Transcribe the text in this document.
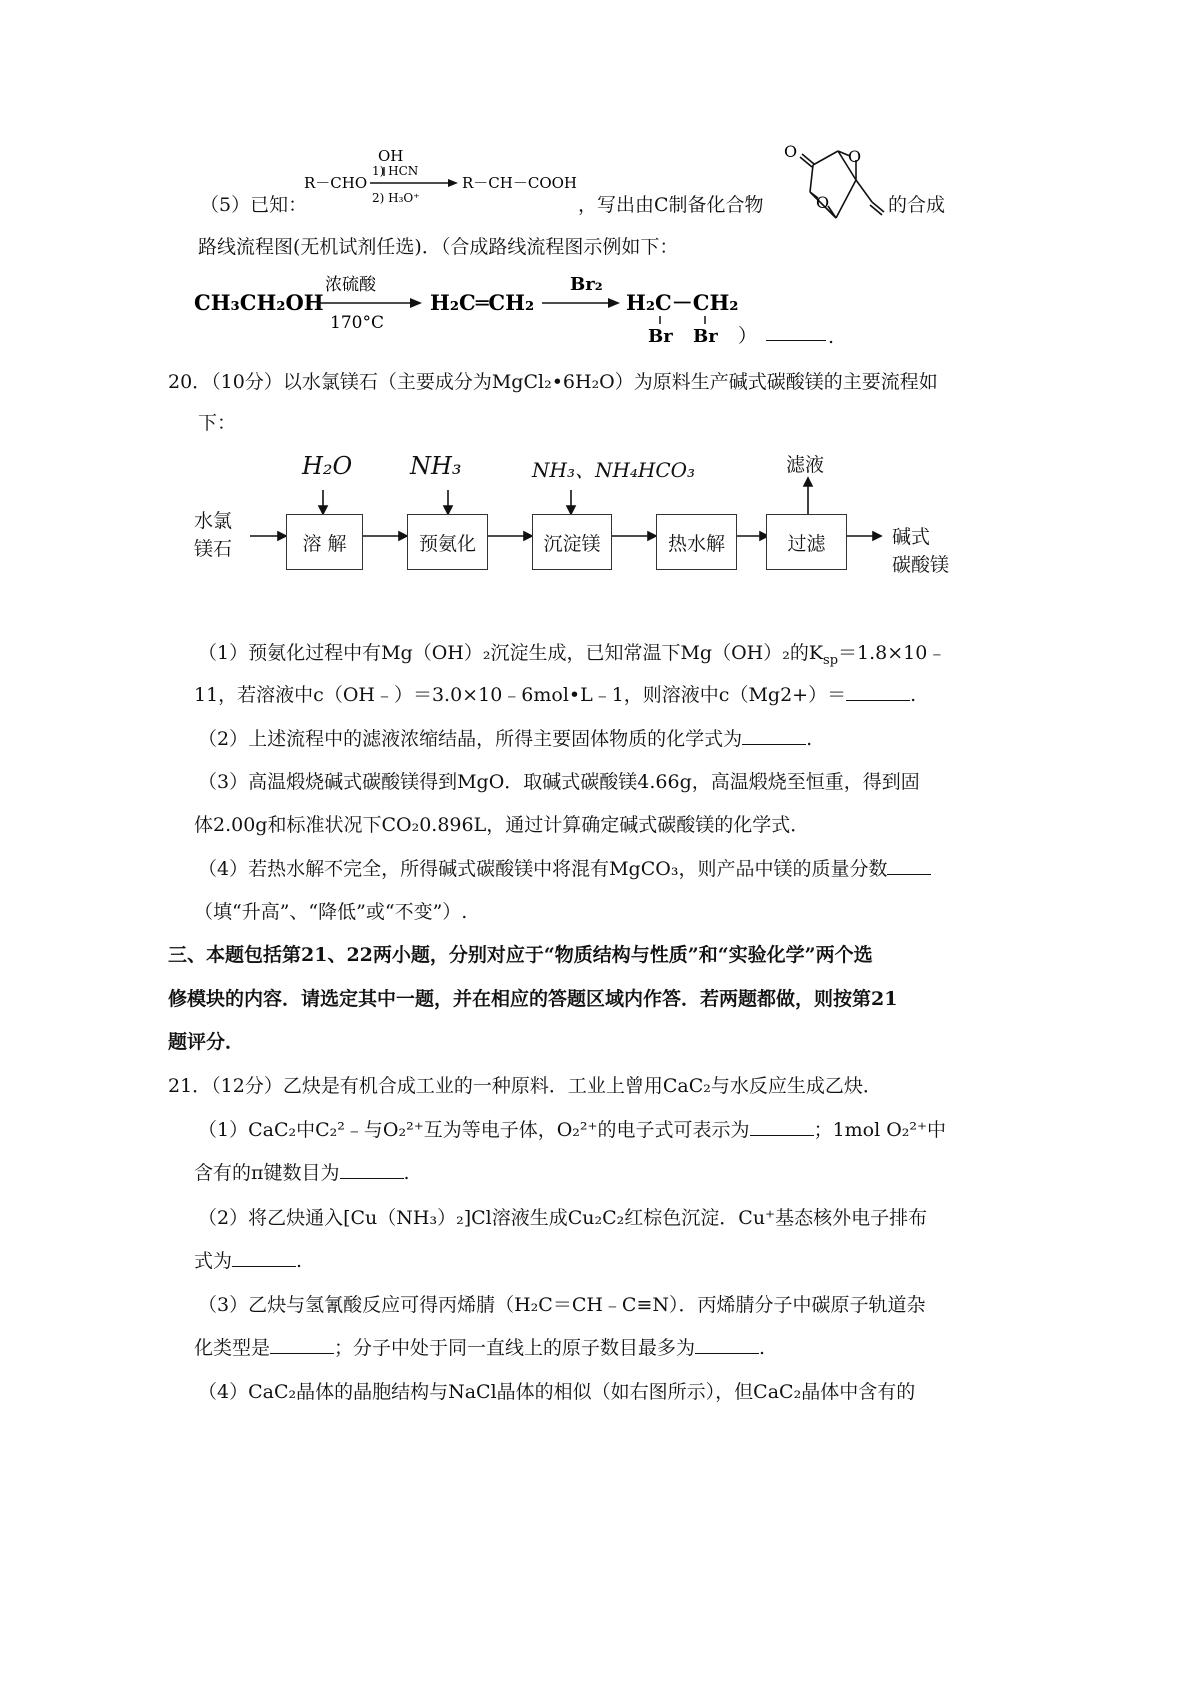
（5）已知：
OH
R－CHO
1) HCN
2) H₃O⁺
R－CH－COOH
，写出由C制备化合物
O	O
O	的合成
路线流程图(无机试剂任选)．（合成路线流程图示例如下：
CH₃CH₂OH
浓硫酸
170°C
H₂C═CH₂
Br₂
H₂C－CH₂
Br Br ）	.
20．（10分）以水氯镁石（主要成分为MgCl₂•6H₂O）为原料生产碱式碳酸镁的主要流程如
下：
水氯
镁石
H₂O NH₃	NH₃、NH₄HCO₃	滤液
溶 解	预氨化	沉淀镁	热水解	过滤	碱式
碳酸镁
（1）预氨化过程中有Mg（OH）₂沉淀生成，已知常温下Mg（OH）₂的$K_{sp}=1.8\times 10﹣$
11，若溶液中c（OH﹣）＝3.0×10﹣6mol•L﹣1，则溶液中c（Mg2+）＝	.
（2）上述流程中的滤液浓缩结晶，所得主要固体物质的化学式为	.
（3）高温煅烧碱式碳酸镁得到MgO．取碱式碳酸镁4.66g，高温煅烧至恒重，得到固
体2.00g和标准状况下CO₂0.896L，通过计算确定碱式碳酸镁的化学式．
（4）若热水解不完全，所得碱式碳酸镁中将混有MgCO₃，则产品中镁的质量分数
（填“升高”、“降低”或“不变”）.
三、本题包括第21、22两小题，分别对应于“物质结构与性质”和“实验化学”两个选
修模块的内容．请选定其中一题，并在相应的答题区域内作答．若两题都做，则按第21
题评分．
21．（12分）乙炔是有机合成工业的一种原料．工业上曾用CaC₂与水反应生成乙炔．
（1）CaC₂中C₂²﹣与O₂²⁺互为等电子体，O₂²⁺的电子式可表示为	；1mol O₂²⁺中
含有的π键数目为	.
（2）将乙炔通入[Cu（NH₃）₂]Cl溶液生成Cu₂C₂红棕色沉淀．Cu⁺基态核外电子排布
式为	.
（3）乙炔与氢氰酸反应可得丙烯腈（H₂C＝CH﹣C≡N）．丙烯腈分子中碳原子轨道杂
化类型是	；分子中处于同一直线上的原子数目最多为	.
（4）CaC₂晶体的晶胞结构与NaCl晶体的相似（如右图所示），但CaC₂晶体中含有的
